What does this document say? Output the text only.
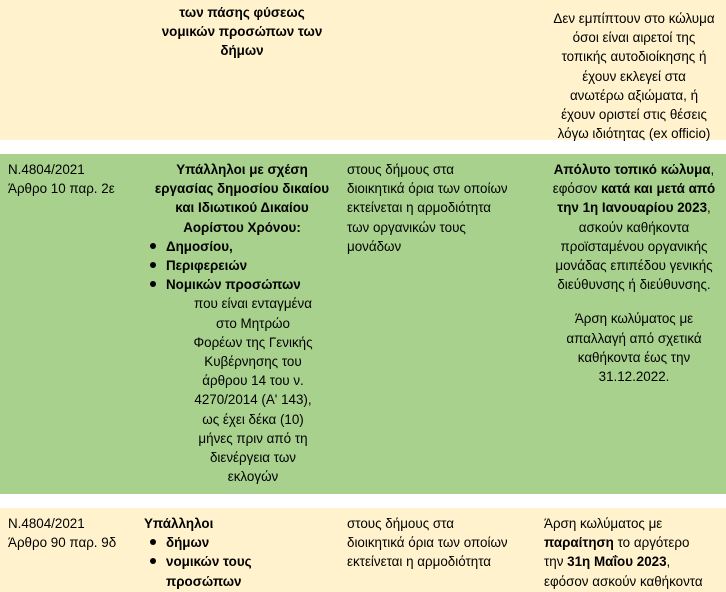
των πάσης φύσεως

νομικών προσώπων των

δήμων

Δεν εμπίπτουν στο κώλυμα

όσοι είναι αιρετοί της

τοπικής αυτοδιοίκησης ή

έχουν εκλεγεί στα

ανωτέρω αξιώματα, ή

έχουν οριστεί στις θέσεις

λόγω ιδιότητας (ex officio)

N.4804/2021

Άρθρο 10 παρ. 2ε

Υπάλληλοι με σχέση

εργασίας δημοσίου δικαίου

και Ιδιωτικού Δικαίου

Αορίστου Χρόνου:

Δημοσίου,
Περιφερειών
Νομικών προσώπων

που είναι ενταγμένα

στο Μητρώο

Φορέων της Γενικής

Κυβέρνησης του

άρθρου 14 του ν.

4270/2014 (Α' 143),

ως έχει δέκα (10)

μήνες πριν από τη

διενέργεια των

εκλογών

στους δήμους στα

διοικητικά όρια των οποίων

εκτείνεται η αρμοδιότητα

των οργανικών τους

μονάδων

Απόλυτο τοπικό κώλυμα,

εφόσον κατά και μετά από

την 1η Ιανουαρίου 2023,

ασκούν καθήκοντα

προϊσταμένου οργανικής

μονάδας επιπέδου γενικής

διεύθυνσης ή διεύθυνσης.

Άρση κωλύματος με

απαλλαγή από σχετικά

καθήκοντα έως την

31.12.2022.

N.4804/2021

Άρθρο 90 παρ. 9δ

Υπάλληλοι

δήμων
νομικών τους

προσώπων

στους δήμους στα

διοικητικά όρια των οποίων

εκτείνεται η αρμοδιότητα

Άρση κωλύματος με

παραίτηση το αργότερο

την 31η Μαΐου 2023,

εφόσον ασκούν καθήκοντα
